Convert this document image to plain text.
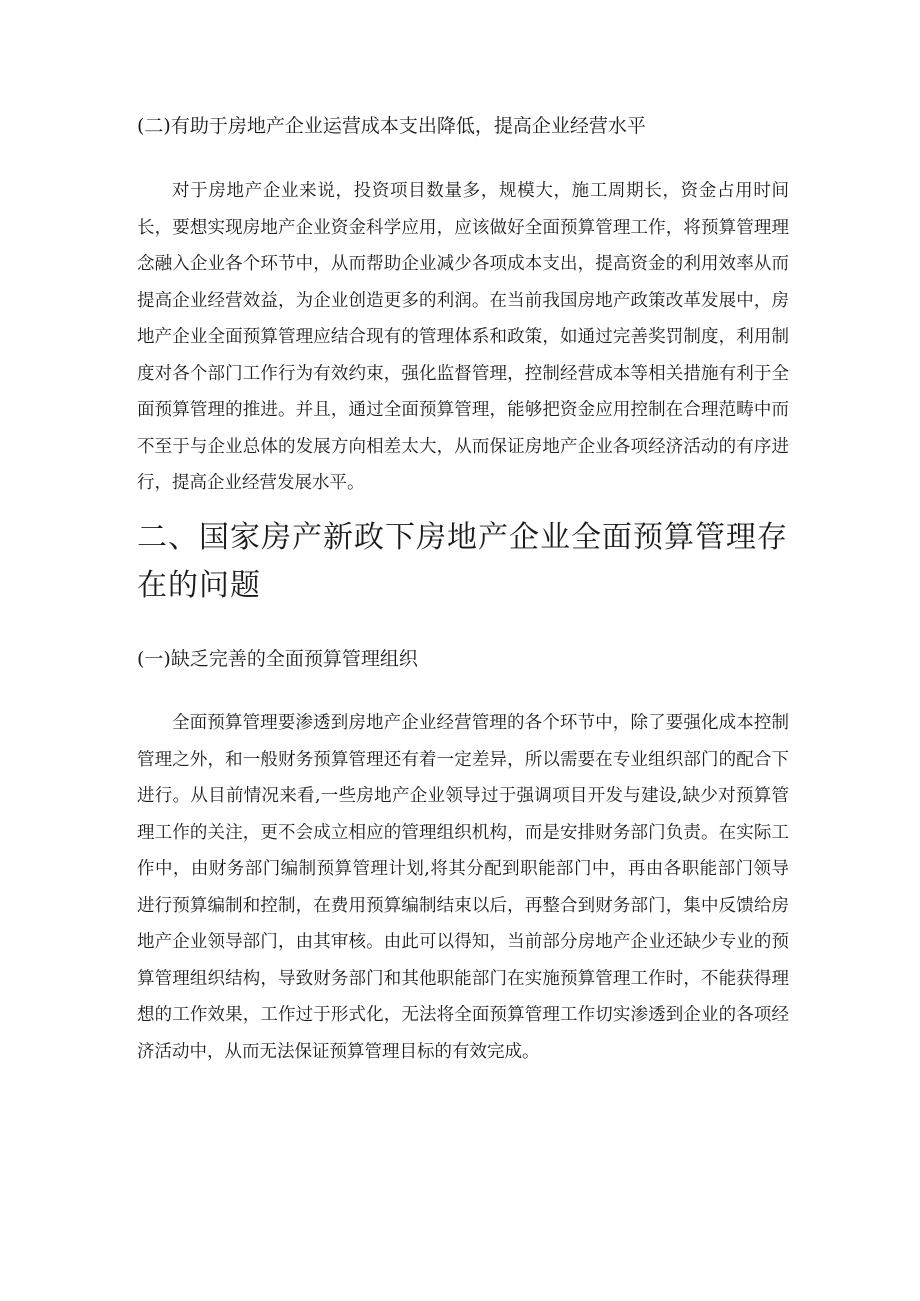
(二)有助于房地产企业运营成本支出降低，提高企业经营水平

对于房地产企业来说，投资项目数量多，规模大，施工周期长，资金占用时间长，要想实现房地产企业资金科学应用，应该做好全面预算管理工作，将预算管理理念融入企业各个环节中，从而帮助企业减少各项成本支出，提高资金的利用效率从而提高企业经营效益，为企业创造更多的利润。在当前我国房地产政策改革发展中，房地产企业全面预算管理应结合现有的管理体系和政策，如通过完善奖罚制度，利用制度对各个部门工作行为有效约束，强化监督管理，控制经营成本等相关措施有利于全面预算管理的推进。并且，通过全面预算管理，能够把资金应用控制在合理范畴中而不至于与企业总体的发展方向相差太大，从而保证房地产企业各项经济活动的有序进行，提高企业经营发展水平。

二、国家房产新政下房地产企业全面预算管理存在的问题
(一)缺乏完善的全面预算管理组织

全面预算管理要渗透到房地产企业经营管理的各个环节中，除了要强化成本控制管理之外，和一般财务预算管理还有着一定差异，所以需要在专业组织部门的配合下进行。从目前情况来看,一些房地产企业领导过于强调项目开发与建设,缺少对预算管理工作的关注，更不会成立相应的管理组织机构，而是安排财务部门负责。在实际工作中，由财务部门编制预算管理计划,将其分配到职能部门中，再由各职能部门领导进行预算编制和控制，在费用预算编制结束以后，再整合到财务部门，集中反馈给房地产企业领导部门，由其审核。由此可以得知，当前部分房地产企业还缺少专业的预算管理组织结构，导致财务部门和其他职能部门在实施预算管理工作时，不能获得理想的工作效果，工作过于形式化，无法将全面预算管理工作切实渗透到企业的各项经济活动中，从而无法保证预算管理目标的有效完成。
